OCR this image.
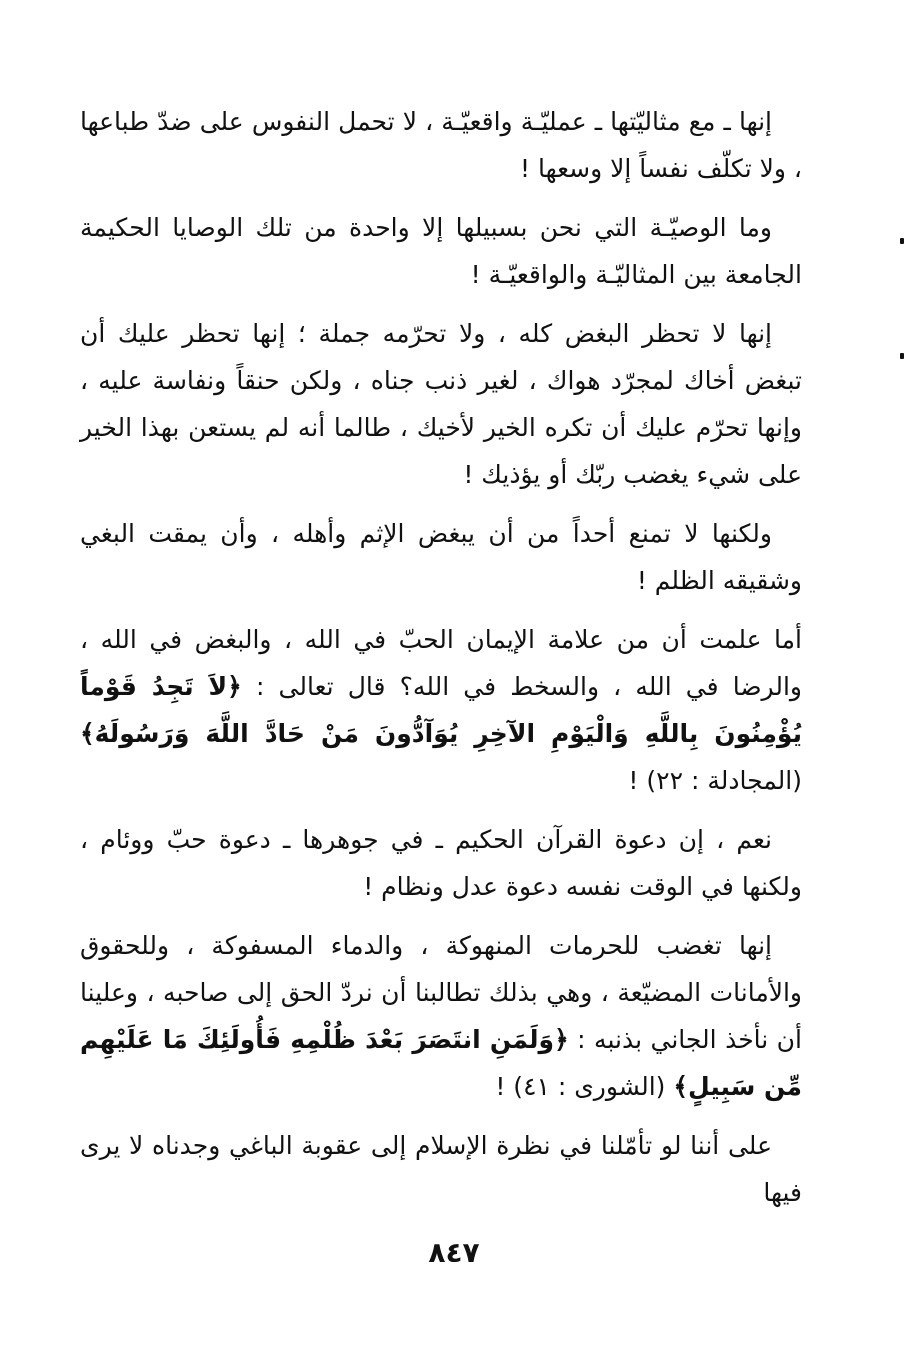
إنها ـ مع مثاليّتها ـ عمليّـة واقعيّـة ، لا تحمل النفوس على ضدّ طباعها ، ولا تكلّف نفساً إلا وسعها !

وما الوصيّـة التي نحن بسبيلها إلا واحدة من تلك الوصايا الحكيمة الجامعة بين المثاليّـة والواقعيّـة !

إنها لا تحظر البغض كله ، ولا تحرّمه جملة ؛ إنها تحظر عليك أن تبغض أخاك لمجرّد هواك ، لغير ذنب جناه ، ولكن حنقاً ونفاسة عليه ، وإنها تحرّم عليك أن تكره الخير لأخيك ، طالما أنه لم يستعن بهذا الخير على شيء يغضب ربّك أو يؤذيك !

ولكنها لا تمنع أحداً من أن يبغض الإثم وأهله ، وأن يمقت البغي وشقيقه الظلم !

أما علمت أن من علامة الإيمان الحبّ في الله ، والبغض في الله ، والرضا في الله ، والسخط في الله؟ قال تعالى : ﴿لاَ تَجِدُ قَوْماً يُؤْمِنُونَ بِاللَّهِ وَالْيَوْمِ الآخِرِ يُوَآدُّونَ مَنْ حَادَّ اللَّهَ وَرَسُولَهُ﴾ (المجادلة : ٢٢) !

نعم ، إن دعوة القرآن الحكيم ـ في جوهرها ـ دعوة حبّ ووئام ، ولكنها في الوقت نفسه دعوة عدل ونظام !

إنها تغضب للحرمات المنهوكة ، والدماء المسفوكة ، وللحقوق والأمانات المضيّعة ، وهي بذلك تطالبنا أن نردّ الحق إلى صاحبه ، وعلينا أن نأخذ الجاني بذنبه : ﴿وَلَمَنِ انتَصَرَ بَعْدَ ظُلْمِهِ فَأُولَئِكَ مَا عَلَيْهِم مِّن سَبِيلٍ﴾ (الشورى : ٤١) !

على أننا لو تأمّلنا في نظرة الإسلام إلى عقوبة الباغي وجدناه لا يرى فيها

٨٤٧
